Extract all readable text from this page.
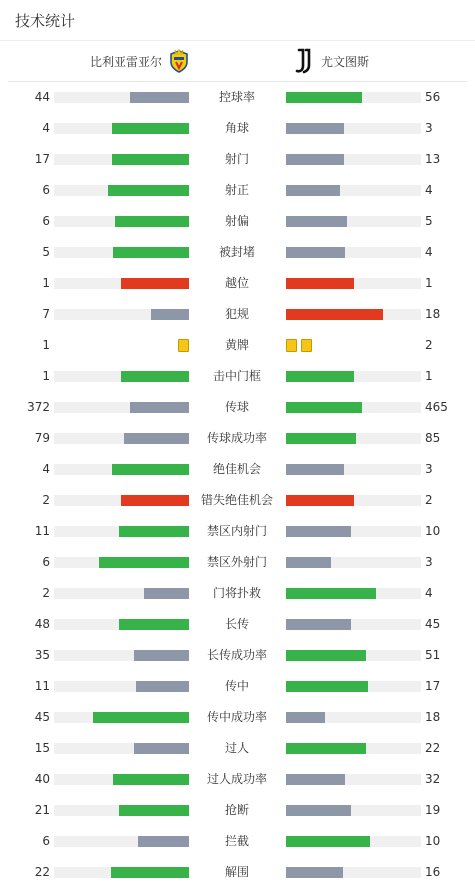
技术统计
比利亚雷亚尔	尤文图斯
44	控球率	56
4	角球	3
17	射门	13
6	射正	4
6	射偏	5
5	被封堵	4
1	越位	1
7	犯规	18
1	黄牌	2
1	击中门框	1
372	传球	465
79	传球成功率	85
4	绝佳机会	3
2	错失绝佳机会	2
11	禁区内射门	10
6	禁区外射门	3
2	门将扑救	4
48	长传	45
35	长传成功率	51
11	传中	17
45	传中成功率	18
15	过人	22
40	过人成功率	32
21	抢断	19
6	拦截	10
22	解围	16
